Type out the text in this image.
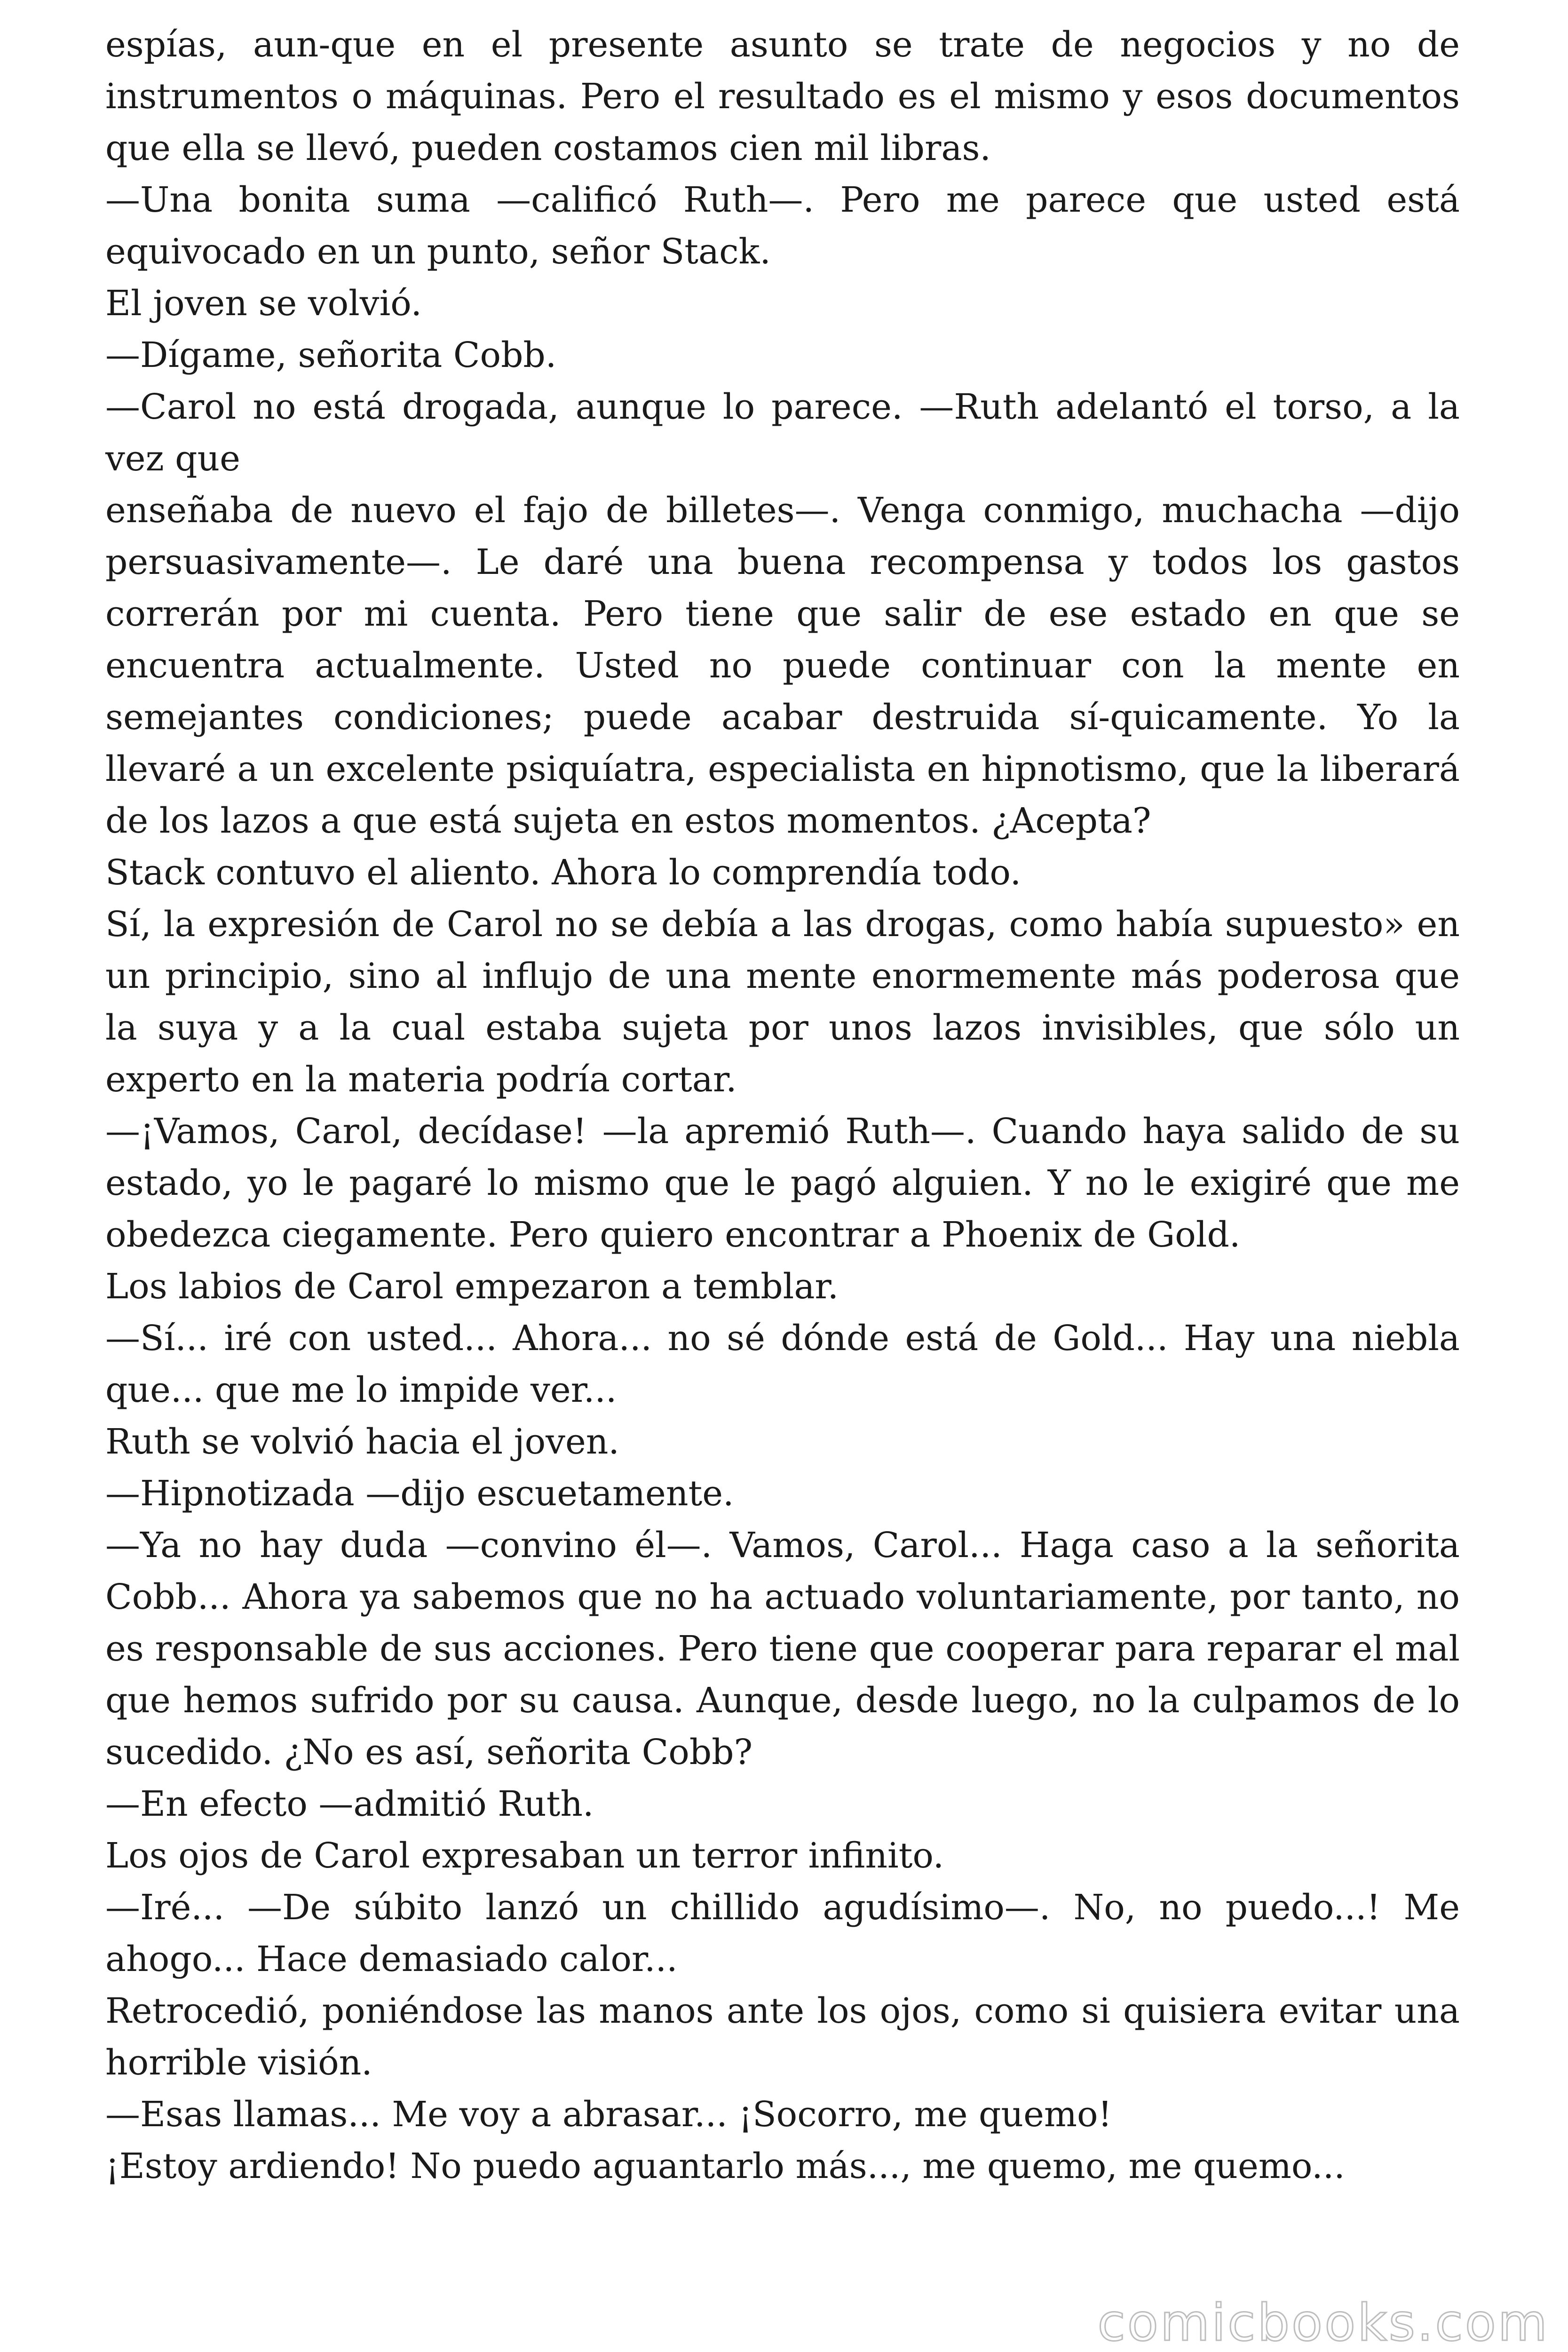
espías, aun-que en el presente asunto se trate de negocios y no de instrumentos o máquinas. Pero el resultado es el mismo y esos documentos que ella se llevó, pueden costamos cien mil libras.

—Una bonita suma —calificó Ruth—. Pero me parece que usted está equivocado en un punto, señor Stack.

El joven se volvió.

—Dígame, señorita Cobb.

—Carol no está drogada, aunque lo parece. —Ruth adelantó el torso, a la vez que

enseñaba de nuevo el fajo de billetes—. Venga conmigo, muchacha —dijo persuasivamente—. Le daré una buena recompensa y todos los gastos correrán por mi cuenta. Pero tiene que salir de ese estado en que se encuentra actualmente. Usted no puede continuar con la mente en semejantes condiciones; puede acabar destruida sí-quicamente. Yo la llevaré a un excelente psiquíatra, especialista en hipnotismo, que la liberará de los lazos a que está sujeta en estos momentos. ¿Acepta?

Stack contuvo el aliento. Ahora lo comprendía todo.

Sí, la expresión de Carol no se debía a las drogas, como había supuesto» en un principio, sino al influjo de una mente enormemente más poderosa que la suya y a la cual estaba sujeta por unos lazos invisibles, que sólo un experto en la materia podría cortar.

—¡Vamos, Carol, decídase! —la apremió Ruth—. Cuando haya salido de su estado, yo le pagaré lo mismo que le pagó alguien. Y no le exigiré que me obedezca ciegamente. Pero quiero encontrar a Phoenix de Gold.

Los labios de Carol empezaron a temblar.

—Sí... iré con usted... Ahora... no sé dónde está de Gold... Hay una niebla que... que me lo impide ver...

Ruth se volvió hacia el joven.

—Hipnotizada —dijo escuetamente.

—Ya no hay duda —convino él—. Vamos, Carol... Haga caso a la señorita Cobb... Ahora ya sabemos que no ha actuado voluntariamente, por tanto, no es responsable de sus acciones. Pero tiene que cooperar para reparar el mal que hemos sufrido por su causa. Aunque, desde luego, no la culpamos de lo sucedido. ¿No es así, señorita Cobb?

—En efecto —admitió Ruth.

Los ojos de Carol expresaban un terror infinito.

—Iré... —De súbito lanzó un chillido agudísimo—. No, no puedo...! Me ahogo... Hace demasiado calor...

Retrocedió, poniéndose las manos ante los ojos, como si quisiera evitar una horrible visión.

—Esas llamas... Me voy a abrasar... ¡Socorro, me quemo!

¡Estoy ardiendo! No puedo aguantarlo más..., me quemo, me quemo...

comicbooks.com
